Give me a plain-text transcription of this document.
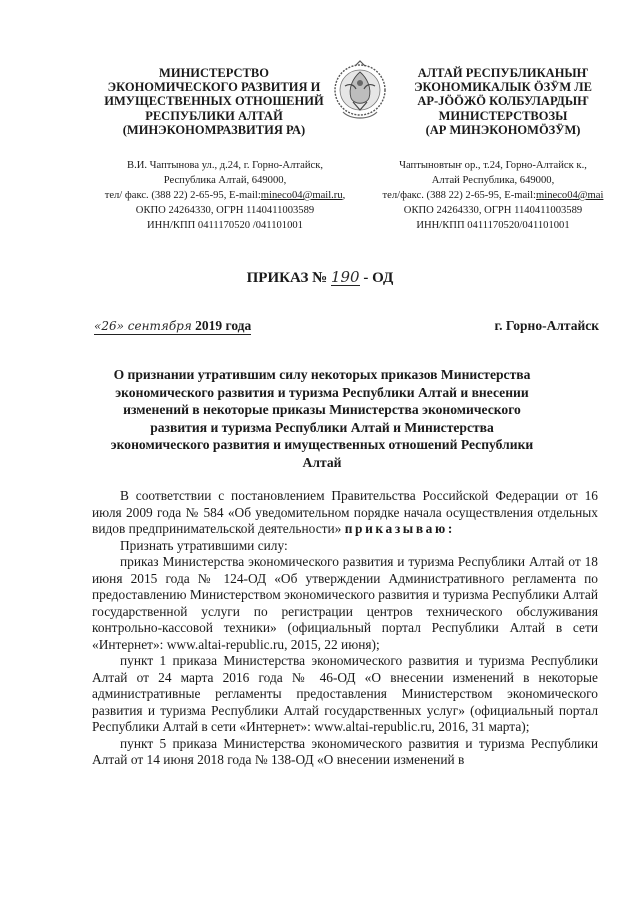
МИНИСТЕРСТВО
ЭКОНОМИЧЕСКОГО РАЗВИТИЯ И
ИМУЩЕСТВЕННЫХ ОТНОШЕНИЙ
РЕСПУБЛИКИ АЛТАЙ
(МИНЭКОНОМРАЗВИТИЯ РА)
АЛТАЙ РЕСПУБЛИКАНЫҤ
ЭКОНОМИКАЛЫК ӦЗӰМ ЛЕ
АР-JӦӦЖӦ КОЛБУЛАРДЫҤ
МИНИСТЕРСТВОЗЫ
(АР МИНЭКОНОМӦЗӰМ)
В.И. Чаптынова ул., д.24, г. Горно-Алтайск,
Республика Алтай, 649000,
тел/ факс. (388 22) 2-65-95, E-mail:mineco04@mail.ru,
ОКПО 24264330, ОГРН 1140411003589
ИНН/КПП 0411170520 /041101001
Чаптыновтыҥ ор., т.24, Горно-Алтайск к.,
Алтай Республика, 649000,
тел/факс. (388 22) 2-65-95, E-mail:mineco04@mai
ОКПО 24264330, ОГРН 1140411003589
ИНН/КПП 0411170520/041101001
ПРИКАЗ № 190 - ОД
«26» сентября 2019 года	г. Горно-Алтайск
О признании утратившим силу некоторых приказов Министерства
экономического развития и туризма Республики Алтай и внесении
изменений в некоторые приказы Министерства экономического
развития и туризма Республики Алтай и Министерства
экономического развития и имущественных отношений Республики
Алтай

В соответствии с постановлением Правительства Российской Федерации от 16 июля 2009 года № 584 «Об уведомительном порядке начала осуществления отдельных видов предпринимательской деятельности» приказываю:

Признать утратившими силу:

приказ Министерства экономического развития и туризма Республики Алтай от 18 июня 2015 года № 124-ОД «Об утверждении Административного регламента по предоставлению Министерством экономического развития и туризма Республики Алтай государственной услуги по регистрации центров технического обслуживания контрольно-кассовой техники» (официальный портал Республики Алтай в сети «Интернет»: www.altai-republic.ru, 2015, 22 июня);

пункт 1 приказа Министерства экономического развития и туризма Республики Алтай от 24 марта 2016 года № 46-ОД «О внесении изменений в некоторые административные регламенты предоставления Министерством экономического развития и туризма Республики Алтай государственных услуг» (официальный портал Республики Алтай в сети «Интернет»: www.altai-republic.ru, 2016, 31 марта);

пункт 5 приказа Министерства экономического развития и туризма Республики Алтай от 14 июня 2018 года № 138-ОД «О внесении изменений в
